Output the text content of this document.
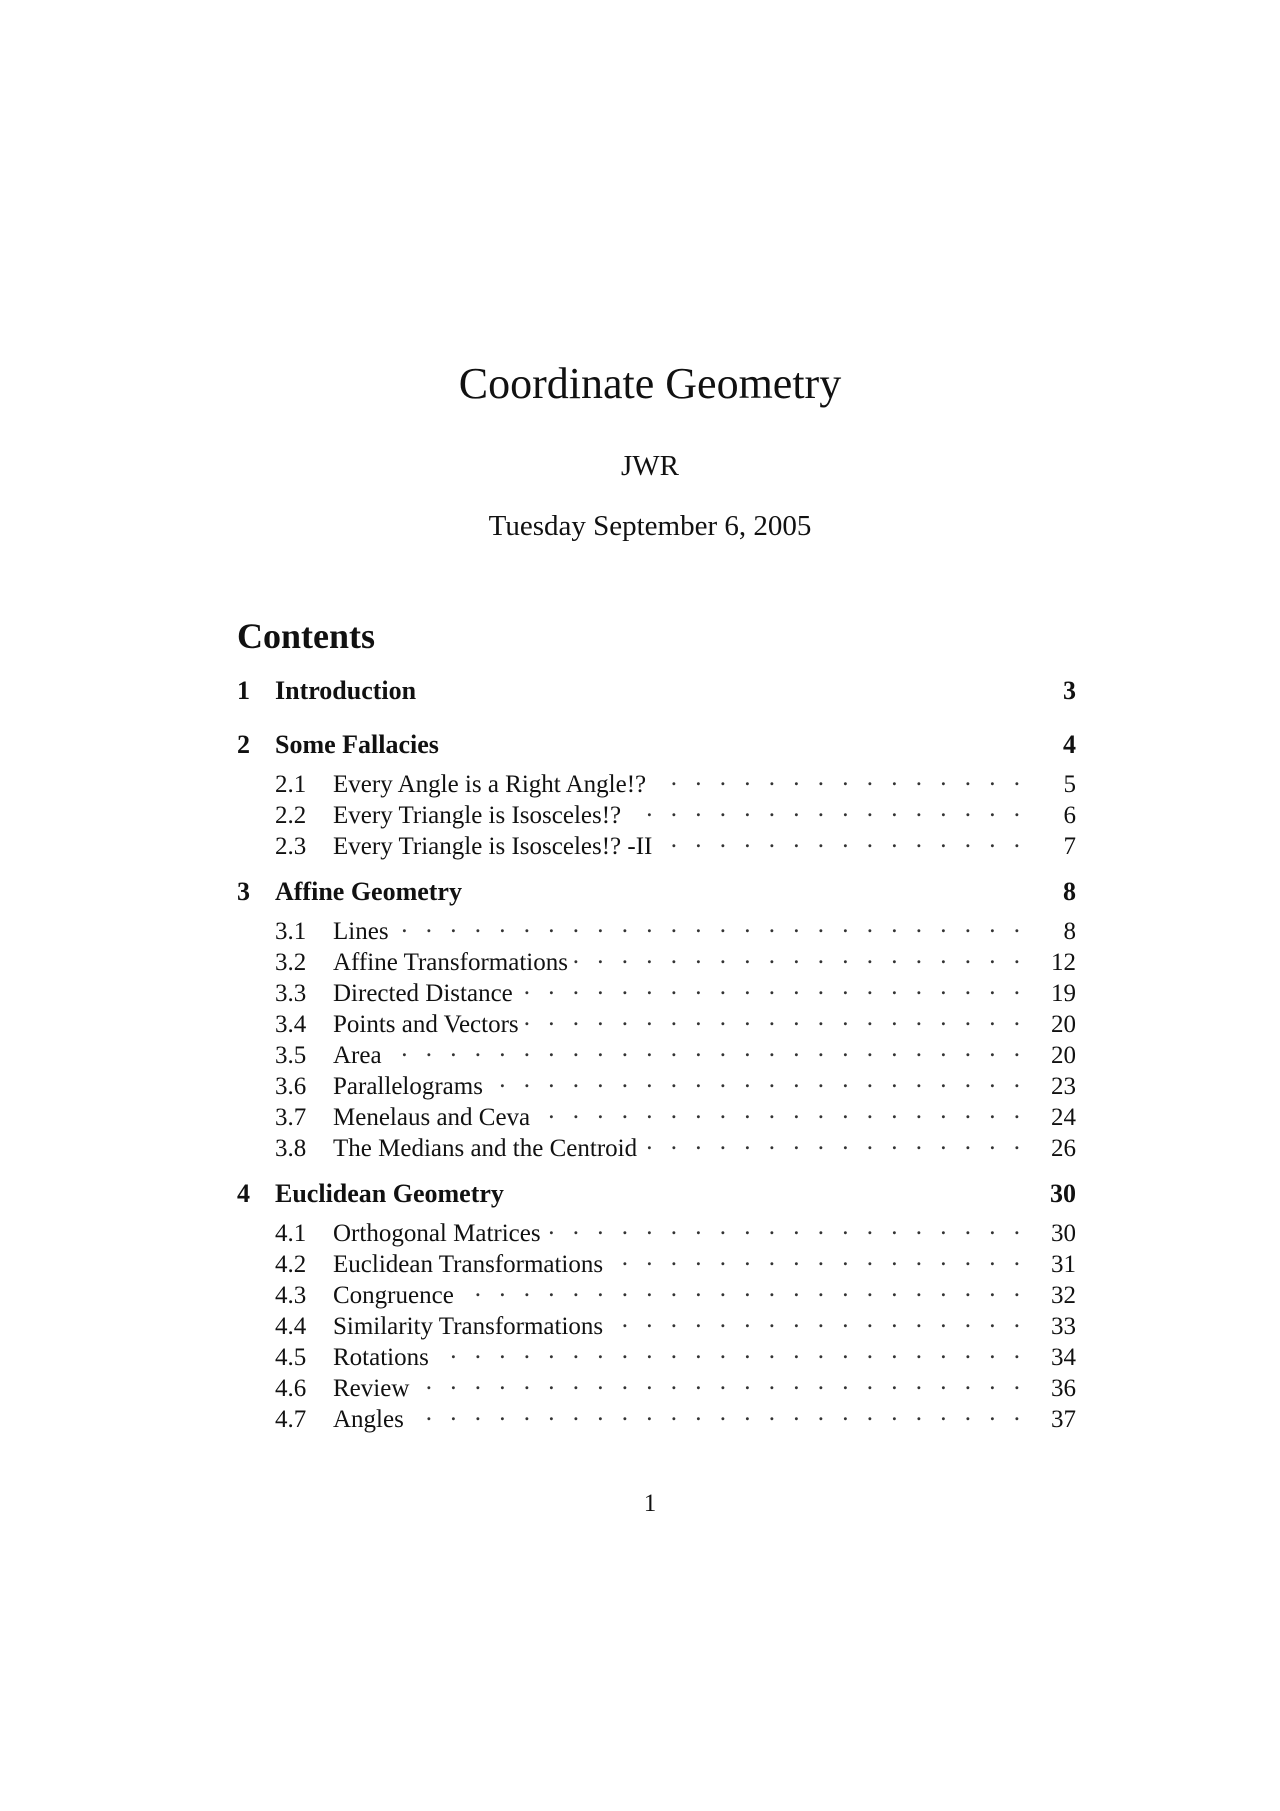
Coordinate Geometry
JWR
Tuesday September 6, 2005
Contents
1 Introduction	3
2 Some Fallacies	4
2.1	Every Angle is a Right Angle!? . . .	5
2.2	Every Triangle is Isosceles!? . . .	6
2.3	Every Triangle is Isosceles!? -II . . .	7
3 Affine Geometry	8
3.1	Lines . . .	8
3.2	Affine Transformations . . .	12
3.3	Directed Distance . . .	19
3.4	Points and Vectors . . .	20
3.5	Area . . .	20
3.6	Parallelograms . . .	23
3.7	Menelaus and Ceva . . .	24
3.8	The Medians and the Centroid . . .	26
4 Euclidean Geometry	30
4.1	Orthogonal Matrices . . .	30
4.2	Euclidean Transformations . . .	31
4.3	Congruence . . .	32
4.4	Similarity Transformations . . .	33
4.5	Rotations . . .	34
4.6	Review . . .	36
4.7	Angles . . .	37
1
